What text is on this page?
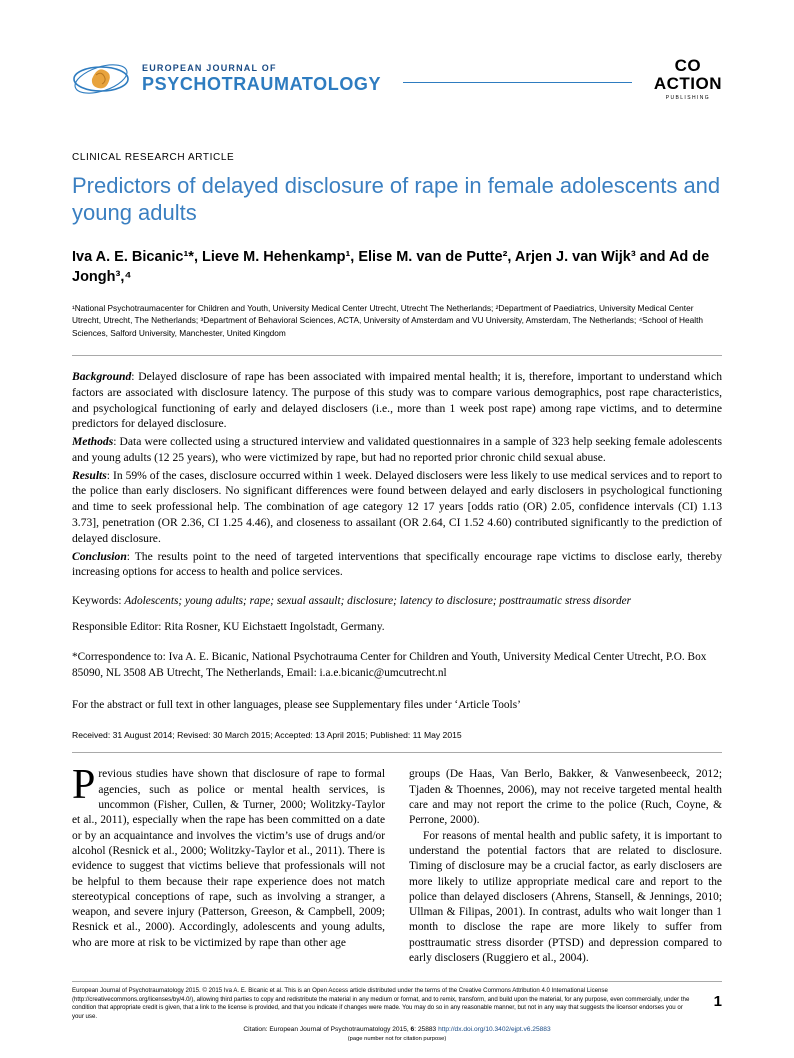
EUROPEAN JOURNAL OF
PSYCHOTRAUMATOLOGY
CO
ACTION
PUBLISHING
CLINICAL RESEARCH ARTICLE
Predictors of delayed disclosure of rape in female adolescents and young adults
Iva A. E. Bicanic¹*, Lieve M. Hehenkamp¹, Elise M. van de Putte², Arjen J. van Wijk³ and Ad de Jongh³,⁴
¹National Psychotraumacenter for Children and Youth, University Medical Center Utrecht, Utrecht The Netherlands; ²Department of Paediatrics, University Medical Center Utrecht, Utrecht, The Netherlands; ³Department of Behavioral Sciences, ACTA, University of Amsterdam and VU University, Amsterdam, The Netherlands; ⁴School of Health Sciences, Salford University, Manchester, United Kingdom

Background: Delayed disclosure of rape has been associated with impaired mental health; it is, therefore, important to understand which factors are associated with disclosure latency. The purpose of this study was to compare various demographics, post rape characteristics, and psychological functioning of early and delayed disclosers (i.e., more than 1 week post rape) among rape victims, and to determine predictors for delayed disclosure.

Methods: Data were collected using a structured interview and validated questionnaires in a sample of 323 help seeking female adolescents and young adults (12 25 years), who were victimized by rape, but had no reported prior chronic child sexual abuse.

Results: In 59% of the cases, disclosure occurred within 1 week. Delayed disclosers were less likely to use medical services and to report to the police than early disclosers. No significant differences were found between delayed and early disclosers in psychological functioning and time to seek professional help. The combination of age category 12 17 years [odds ratio (OR) 2.05, confidence intervals (CI) 1.13 3.73], penetration (OR 2.36, CI 1.25 4.46), and closeness to assailant (OR 2.64, CI 1.52 4.60) contributed significantly to the prediction of delayed disclosure.

Conclusion: The results point to the need of targeted interventions that specifically encourage rape victims to disclose early, thereby increasing options for access to health and police services.

Keywords: Adolescents; young adults; rape; sexual assault; disclosure; latency to disclosure; posttraumatic stress disorder
Responsible Editor: Rita Rosner, KU Eichstaett Ingolstadt, Germany.
*Correspondence to: Iva A. E. Bicanic, National Psychotrauma Center for Children and Youth, University Medical Center Utrecht, P.O. Box 85090, NL 3508 AB Utrecht, The Netherlands, Email: i.a.e.bicanic@umcutrecht.nl
For the abstract or full text in other languages, please see Supplementary files under ‘Article Tools’
Received: 31 August 2014; Revised: 30 March 2015; Accepted: 13 April 2015; Published: 11 May 2015

Previous studies have shown that disclosure of rape to formal agencies, such as police or mental health services, is uncommon (Fisher, Cullen, & Turner, 2000; Wolitzky-Taylor et al., 2011), especially when the rape has been committed on a date or by an acquaintance and involves the victim’s use of drugs and/or alcohol (Resnick et al., 2000; Wolitzky-Taylor et al., 2011). There is evidence to suggest that victims believe that professionals will not be helpful to them because their rape experience does not match stereotypical conceptions of rape, such as involving a stranger, a weapon, and severe injury (Patterson, Greeson, & Campbell, 2009; Resnick et al., 2000). Accordingly, adolescents and young adults, who are more at risk to be victimized by rape than other age

groups (De Haas, Van Berlo, Bakker, & Vanwesenbeeck, 2012; Tjaden & Thoennes, 2006), may not receive targeted mental health care and may not report the crime to the police (Ruch, Coyne, & Perrone, 2000).

For reasons of mental health and public safety, it is important to understand the potential factors that are related to disclosure. Timing of disclosure may be a crucial factor, as early disclosers are more likely to utilize appropriate medical care and report to the police than delayed disclosers (Ahrens, Stansell, & Jennings, 2010; Ullman & Filipas, 2001). In contrast, adults who wait longer than 1 month to disclose the rape are more likely to suffer from posttraumatic stress disorder (PTSD) and depression compared to early disclosers (Ruggiero et al., 2004).

European Journal of Psychotraumatology 2015. © 2015 Iva A. E. Bicanic et al. This is an Open Access article distributed under the terms of the Creative Commons Attribution 4.0 International License (http://creativecommons.org/licenses/by/4.0/), allowing third parties to copy and redistribute the material in any medium or format, and to remix, transform, and build upon the material, for any purpose, even commercially, under the condition that appropriate credit is given, that a link to the license is provided, and that you indicate if changes were made. You may do so in any reasonable manner, but not in any way that suggests the licensor endorses you or your use.
1
Citation: European Journal of Psychotraumatology 2015, 6: 25883 http://dx.doi.org/10.3402/ejpt.v6.25883
(page number not for citation purpose)
